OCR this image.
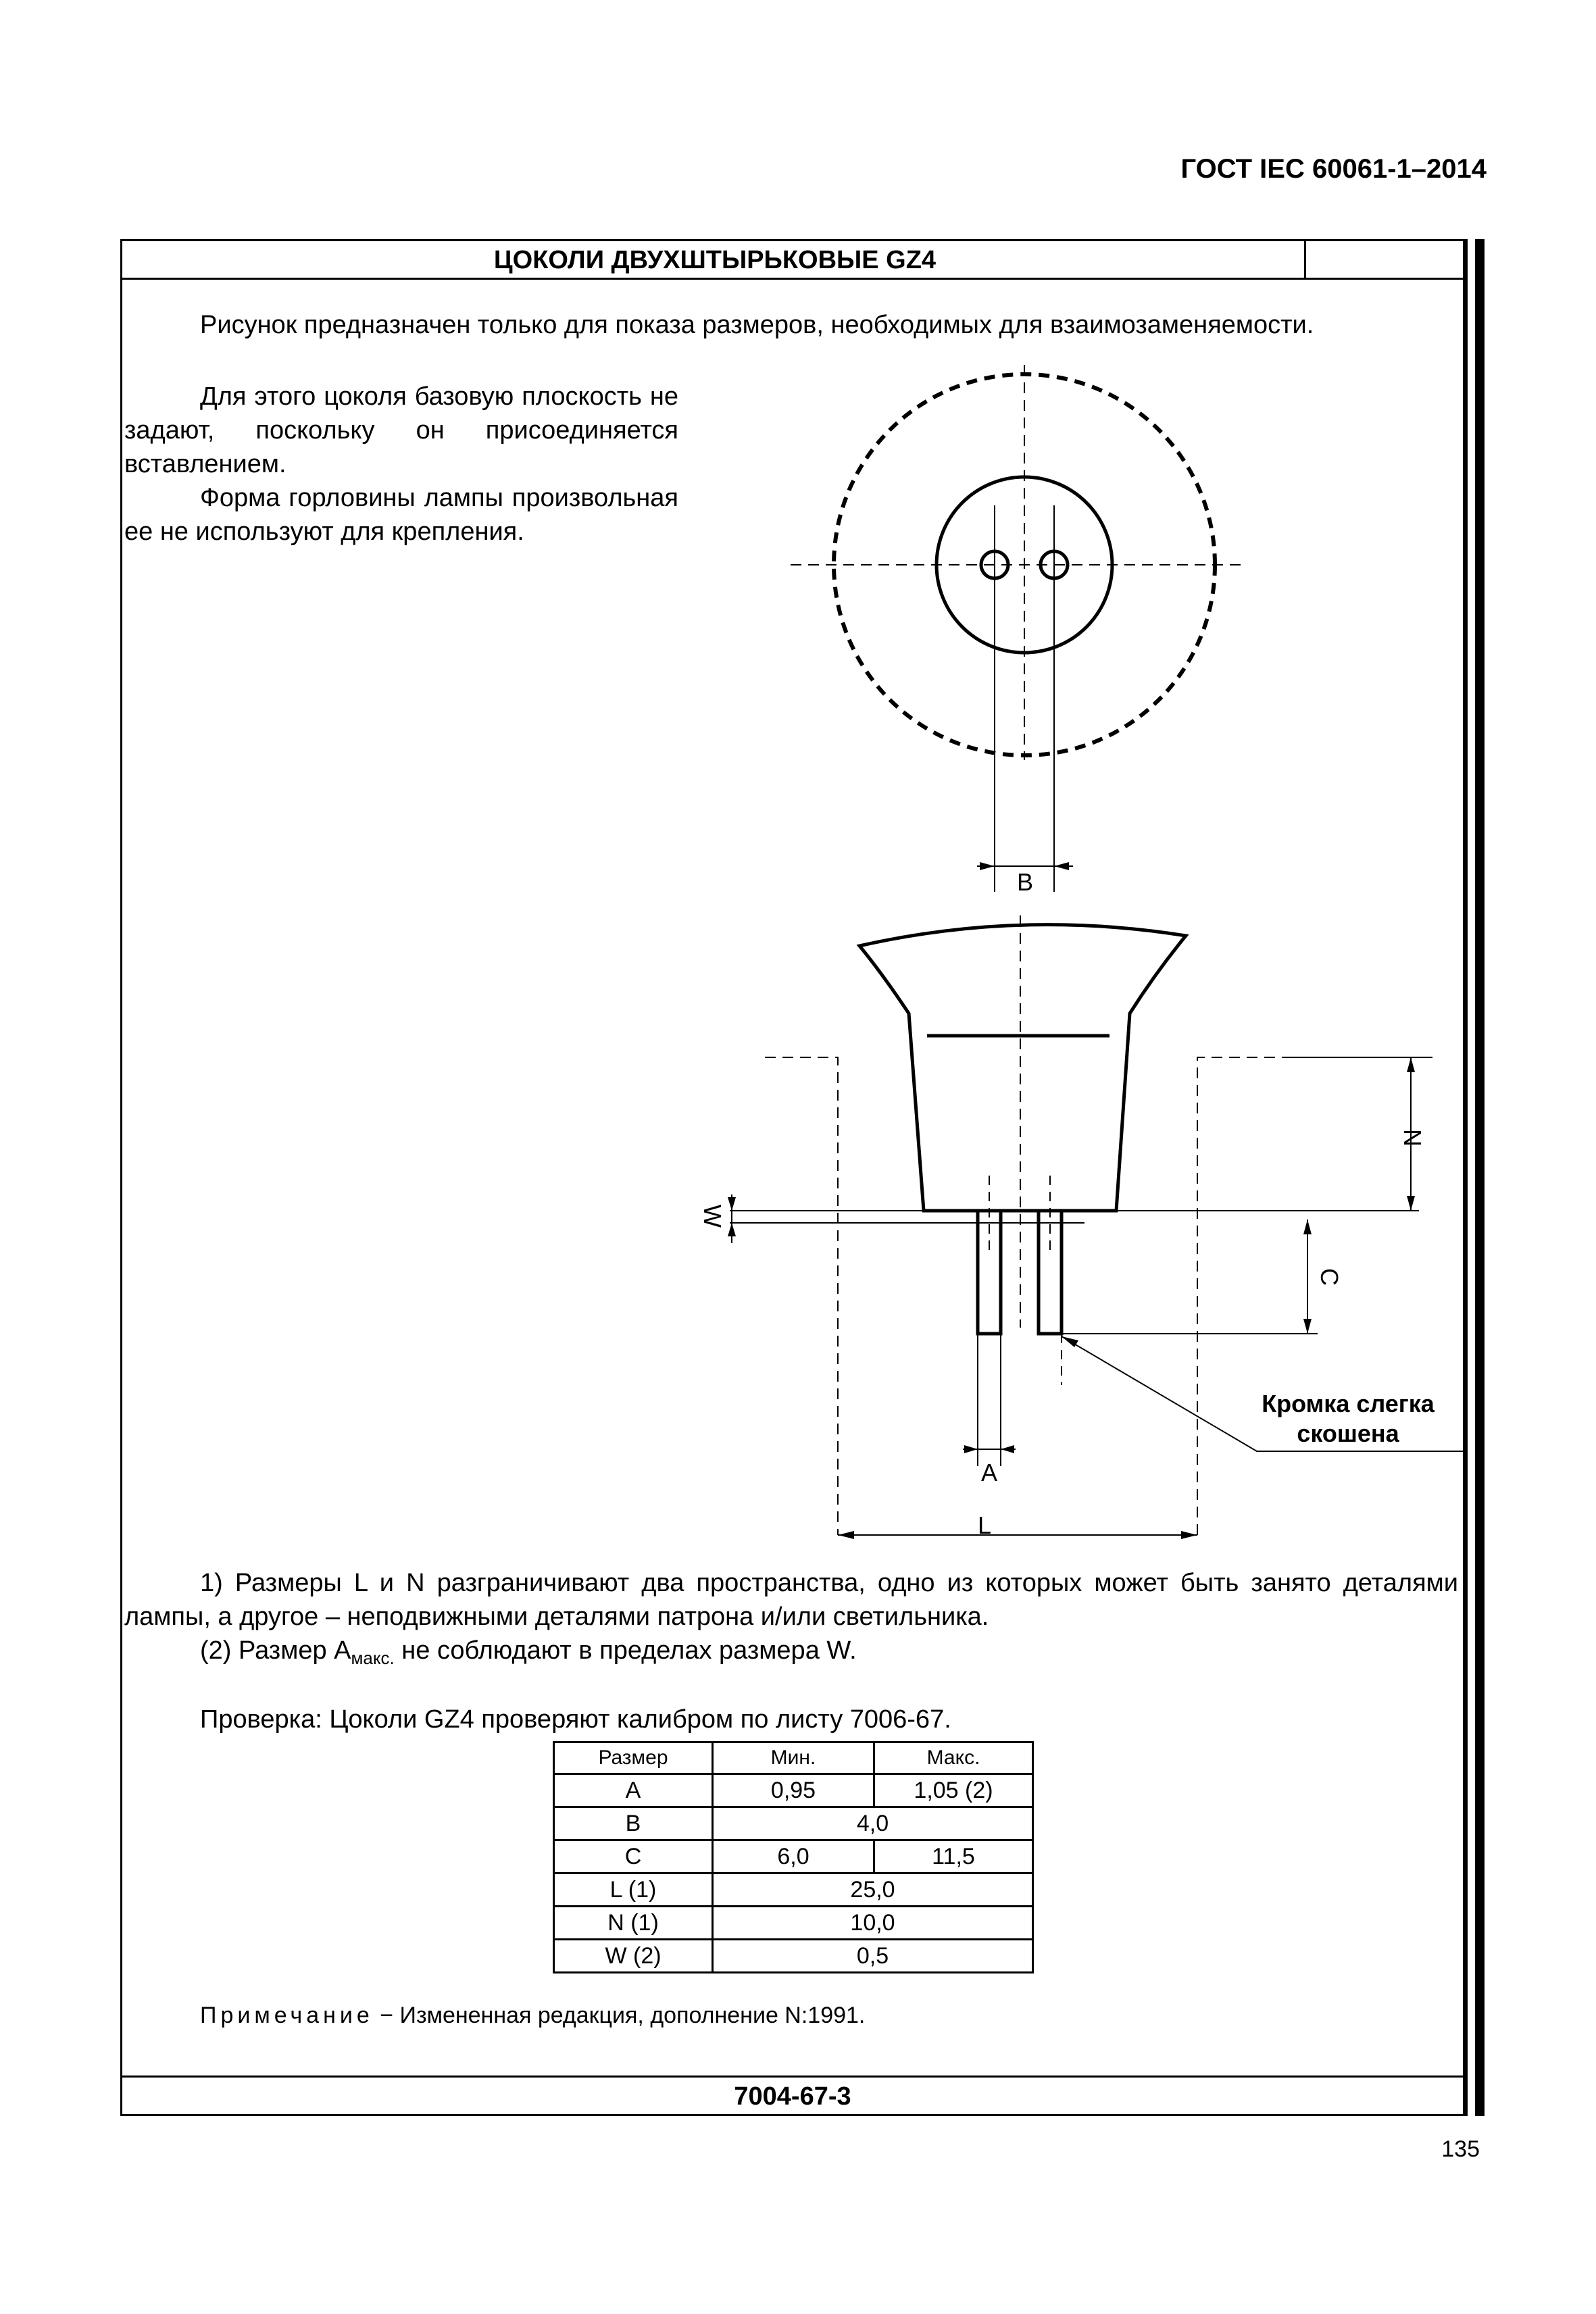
ГОСТ IEC 60061-1–2014
ЦОКОЛИ ДВУХШТЫРЬКОВЫЕ GZ4
Рисунок предназначен только для показа размеров, необходимых для взаимозаменяемости.

Для этого цоколя базовую плоскость не задают, поскольку он присоединяется вставлением.

Форма горловины лампы произвольная ее не используют для крепления.

B
N
W
C
A
L
Кромка слегка
скошена
1) Размеры L и N разграничивают два пространства, одно из которых может быть занято деталями лампы, а другое – неподвижными деталями патрона и/или светильника.
(2) Размер $A_{макс.}$ не соблюдают в пределах размера W.
Проверка: Цоколи GZ4 проверяют калибром по листу 7006-67.
Размер	Мин.	Макс.
A	0,95	1,05 (2)
B	4,0	
C	6,0	11,5
L (1)	25,0	
N (1)	10,0	
W (2)	0,5	
Примечание − Измененная редакция, дополнение N:1991.
7004-67-3
135
